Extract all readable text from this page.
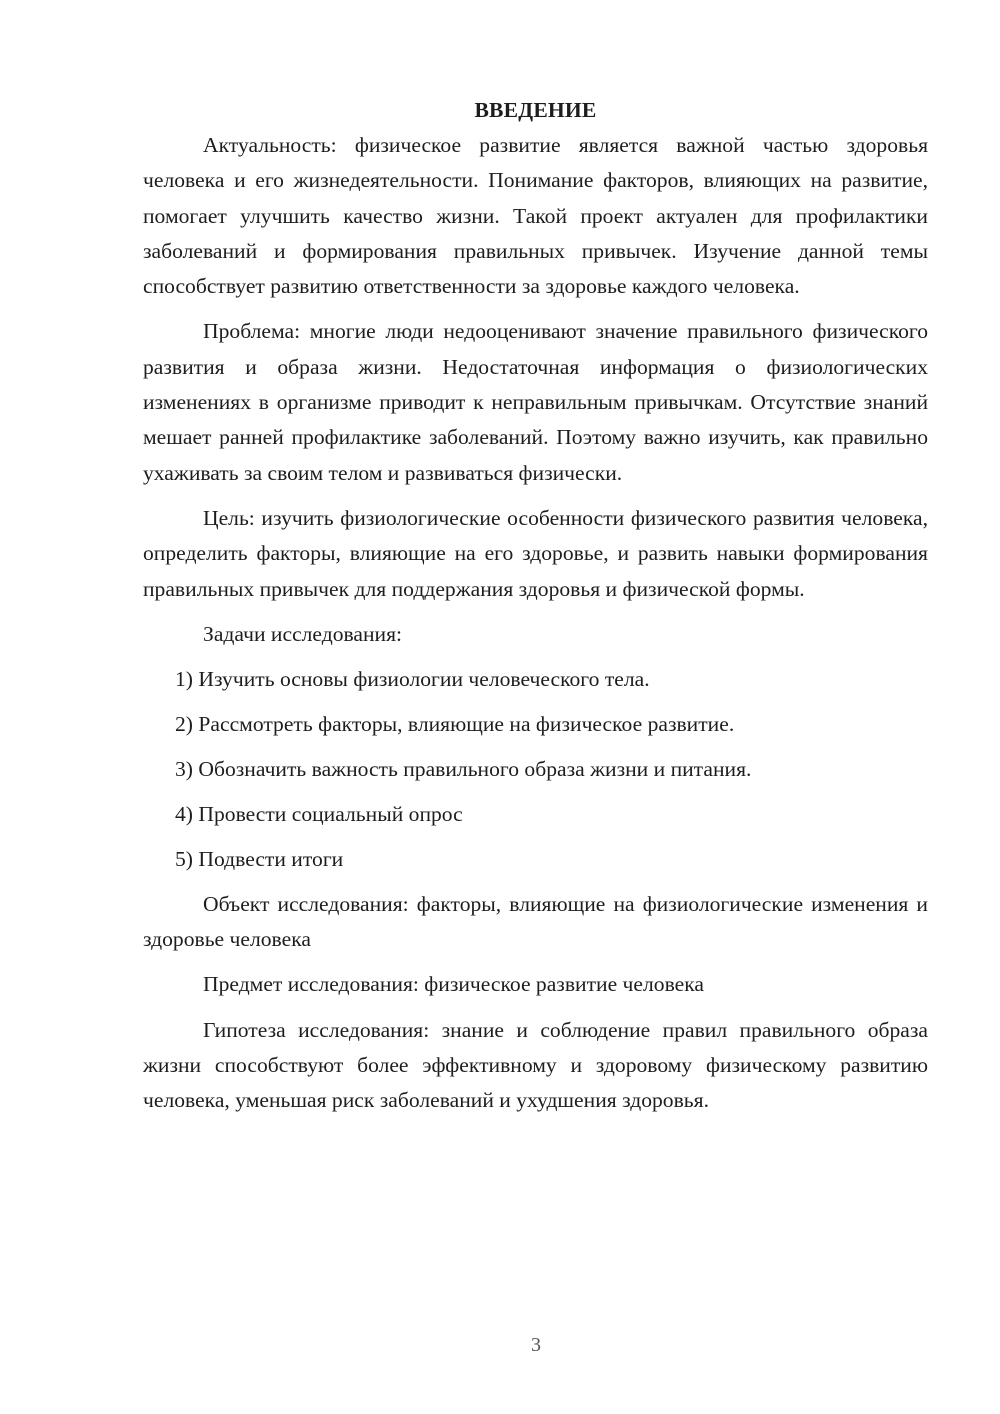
ВВЕДЕНИЕ

Актуальность: физическое развитие является важной частью здоровья человека и его жизнедеятельности. Понимание факторов, влияющих на развитие, помогает улучшить качество жизни. Такой проект актуален для профилактики заболеваний и формирования правильных привычек. Изучение данной темы способствует развитию ответственности за здоровье каждого человека.

Проблема: многие люди недооценивают значение правильного физического развития и образа жизни. Недостаточная информация о физиологических изменениях в организме приводит к неправильным привычкам. Отсутствие знаний мешает ранней профилактике заболеваний. Поэтому важно изучить, как правильно ухаживать за своим телом и развиваться физически.

Цель: изучить физиологические особенности физического развития человека, определить факторы, влияющие на его здоровье, и развить навыки формирования правильных привычек для поддержания здоровья и физической формы.

Задачи исследования:
1) Изучить основы физиологии человеческого тела.
2) Рассмотреть факторы, влияющие на физическое развитие.
3) Обозначить важность правильного образа жизни и питания.
4) Провести социальный опрос
5) Подвести итоги

Объект исследования: факторы, влияющие на физиологические изменения и здоровье человека

Предмет исследования: физическое развитие человека

Гипотеза исследования: знание и соблюдение правил правильного образа жизни способствуют более эффективному и здоровому физическому развитию человека, уменьшая риск заболеваний и ухудшения здоровья.

3
